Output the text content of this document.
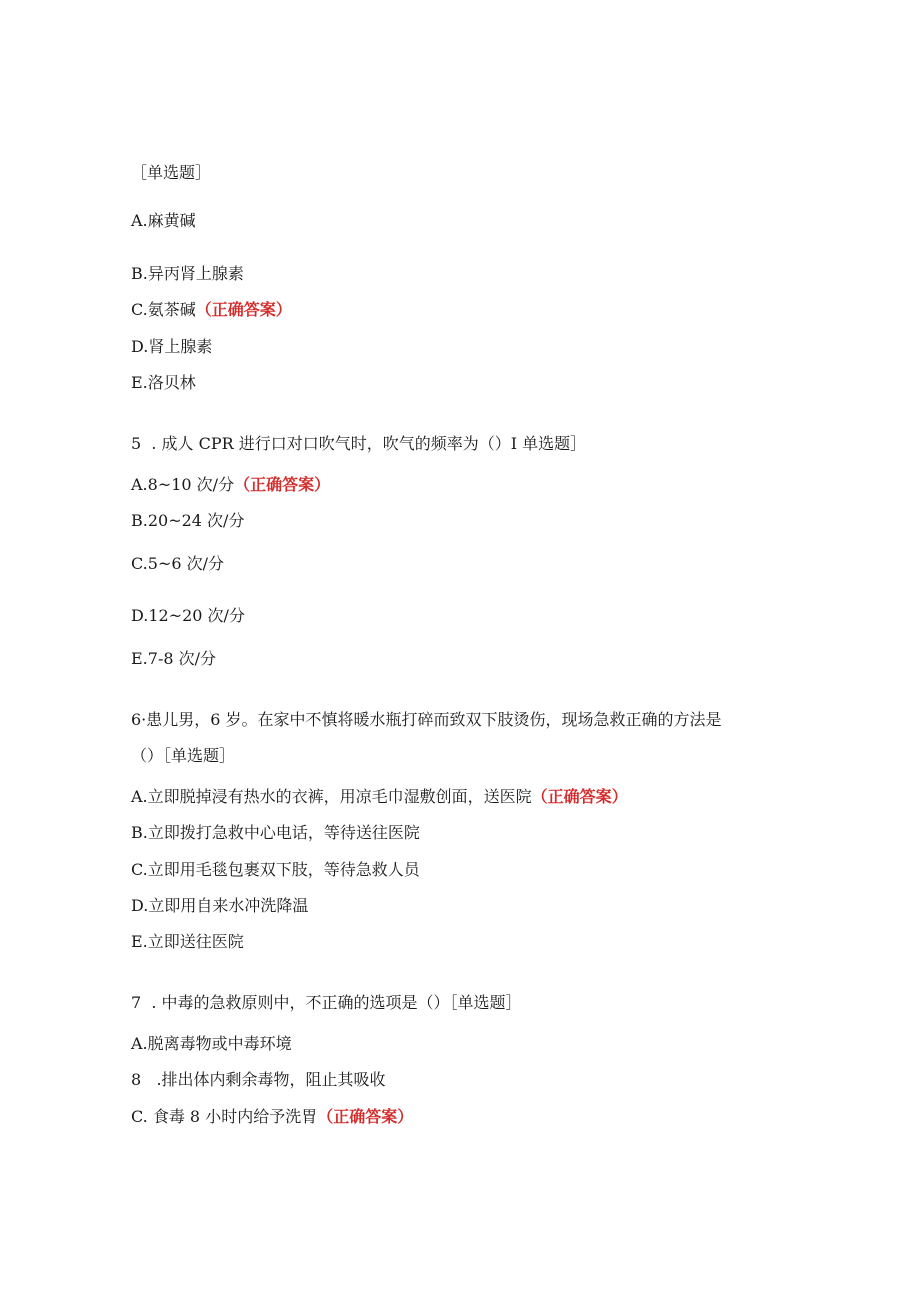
［单选题］

A.麻黄碱

B.异丙肾上腺素

C.氨茶碱（正确答案）

D.肾上腺素

E.洛贝林

5  . 成人 CPR 进行口对口吹气时，吹气的频率为（）I 单选题］

A.8~10 次/分（正确答案）

B.20~24 次/分

C.5~6 次/分

D.12~20 次/分

E.7-8 次/分

6·患儿男，6 岁。在家中不慎将暖水瓶打碎而致双下肢烫伤，现场急救正确的方法是

（）［单选题］

A.立即脱掉浸有热水的衣裤，用凉毛巾湿敷创面，送医院（正确答案）

B.立即拨打急救中心电话，等待送往医院

C.立即用毛毯包裹双下肢，等待急救人员

D.立即用自来水冲洗降温

E.立即送往医院

7  . 中毒的急救原则中，不正确的选项是（）［单选题］

A.脱离毒物或中毒环境

8   .排出体内剩余毒物，阻止其吸收

C. 食毒 8 小时内给予洗胃（正确答案）
